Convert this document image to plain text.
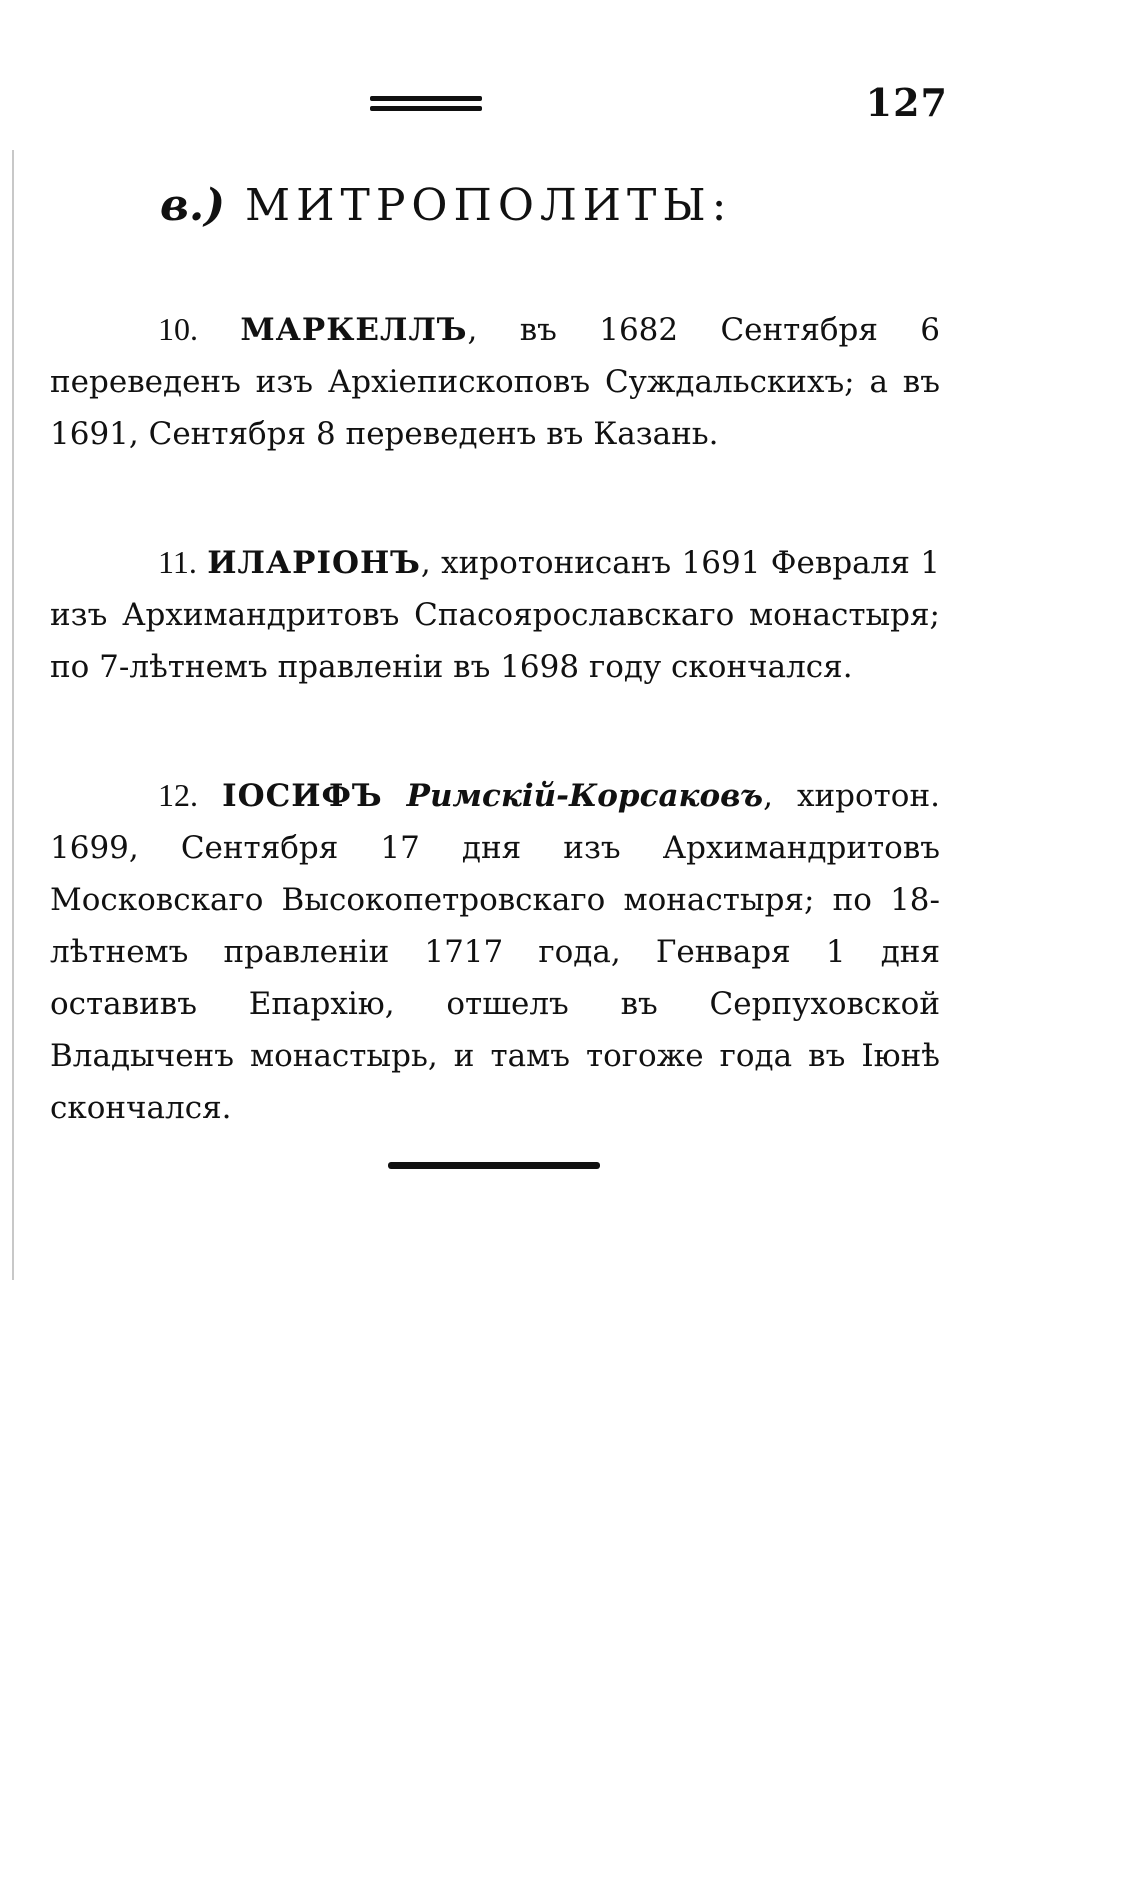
127
в.) МИТРОПОЛИТЫ:

10. МАРКЕЛЛЪ, въ 1682 Сентября 6 переведенъ изъ Архiепископовъ Суждальскихъ; а въ 1691, Сентября 8 переведенъ въ Казань.

11. ИЛАРIОНЪ, хиротонисанъ 1691 Февраля 1 изъ Архимандритовъ Спасоярославскаго монастыря; по 7-лѣтнемъ правленiи въ 1698 году скончался.

12. IОСИФЪ Римскiй-Корсаковъ, хиротон. 1699, Сентября 17 дня изъ Архимандритовъ Московскаго Высокопетровскаго монастыря; по 18-лѣтнемъ правленiи 1717 года, Генваря 1 дня оставивъ Епархiю, отшелъ въ Серпуховской Владыченъ монастырь, и тамъ тогоже года въ Iюнѣ скончался.
